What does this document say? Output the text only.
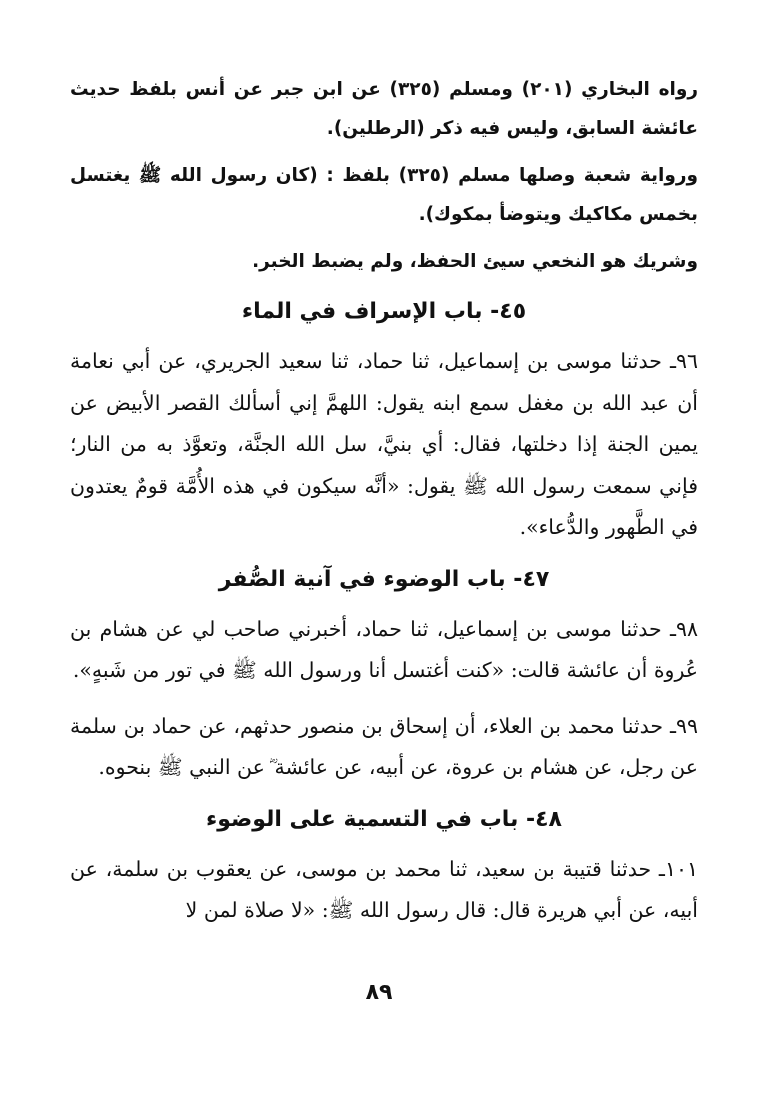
رواه البخاري (٢٠١) ومسلم (٣٢٥) عن ابن جبر عن أنس بلفظ حديث عائشة السابق، وليس فيه ذكر (الرطلين).

ورواية شعبة وصلها مسلم (٣٢٥) بلفظ : (كان رسول الله ﷺ يغتسل بخمس مكاكيك ويتوضأ بمكوك).

وشريك هو النخعي سيئ الحفظ، ولم يضبط الخبر.

٤٥- باب الإسراف في الماء

٩٦ـ حدثنا موسى بن إسماعيل، ثنا حماد، ثنا سعيد الجريري، عن أبي نعامة أن عبد الله بن مغفل سمع ابنه يقول: اللهمَّ إني أسألك القصر الأبيض عن يمين الجنة إذا دخلتها، فقال: أي بنيَّ، سل الله الجنَّة، وتعوَّذ به من النار؛ فإني سمعت رسول الله ﷺ يقول: «أنَّه سيكون في هذه الأُمَّة قومٌ يعتدون في الطَّهور والدُّعاء».

٤٧- باب الوضوء في آنية الصُّفر

٩٨ـ حدثنا موسى بن إسماعيل، ثنا حماد، أخبرني صاحب لي عن هشام بن عُروة أن عائشة قالت: «كنت أغتسل أنا ورسول الله ﷺ في تور من شَبهٍ».

٩٩ـ حدثنا محمد بن العلاء، أن إسحاق بن منصور حدثهم، عن حماد بن سلمة عن رجل، عن هشام بن عروة، عن أبيه، عن عائشة ؓ عن النبي ﷺ بنحوه.

٤٨- باب في التسمية على الوضوء

١٠١ـ حدثنا قتيبة بن سعيد، ثنا محمد بن موسى، عن يعقوب بن سلمة، عن أبيه، عن أبي هريرة قال: قال رسول الله ﷺ: «لا صلاة لمن لا

٨٩
